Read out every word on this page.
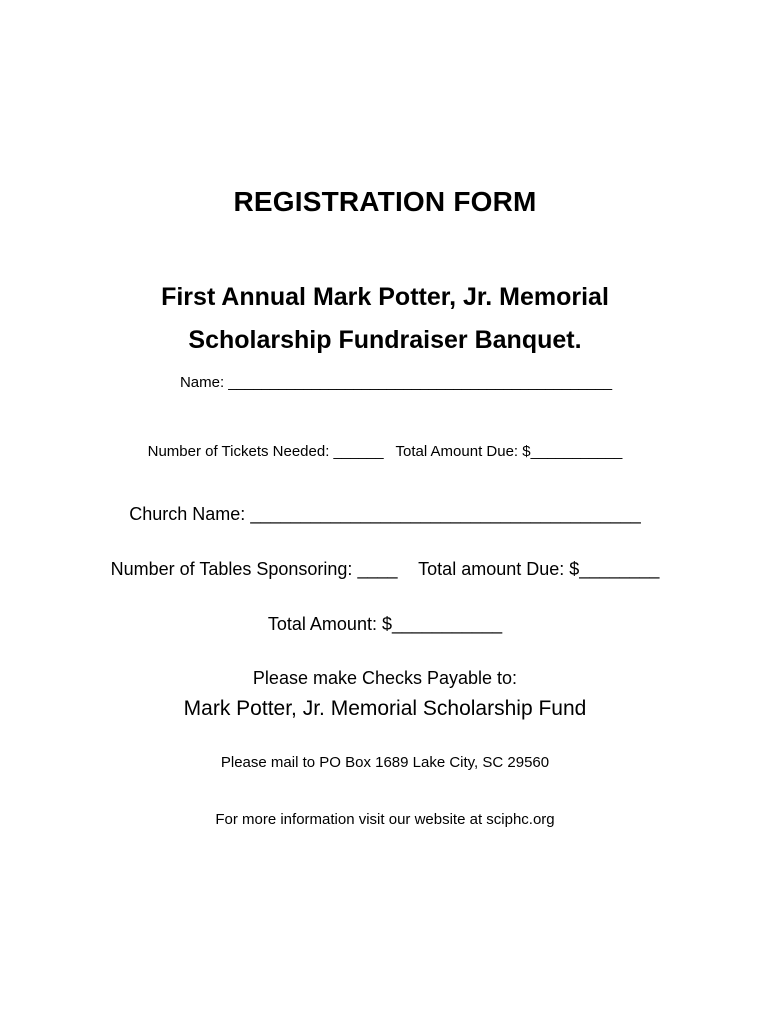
REGISTRATION FORM
First Annual Mark Potter, Jr. Memorial
Scholarship Fundraiser Banquet.
Name: ______________________________________________
Number of Tickets Needed: ______ Total Amount Due: $___________
Church Name: _______________________________________
Number of Tables Sponsoring: ____ Total amount Due: $________
Total Amount: $___________
Please make Checks Payable to:
Mark Potter, Jr. Memorial Scholarship Fund
Please mail to PO Box 1689 Lake City, SC 29560
For more information visit our website at sciphc.org
